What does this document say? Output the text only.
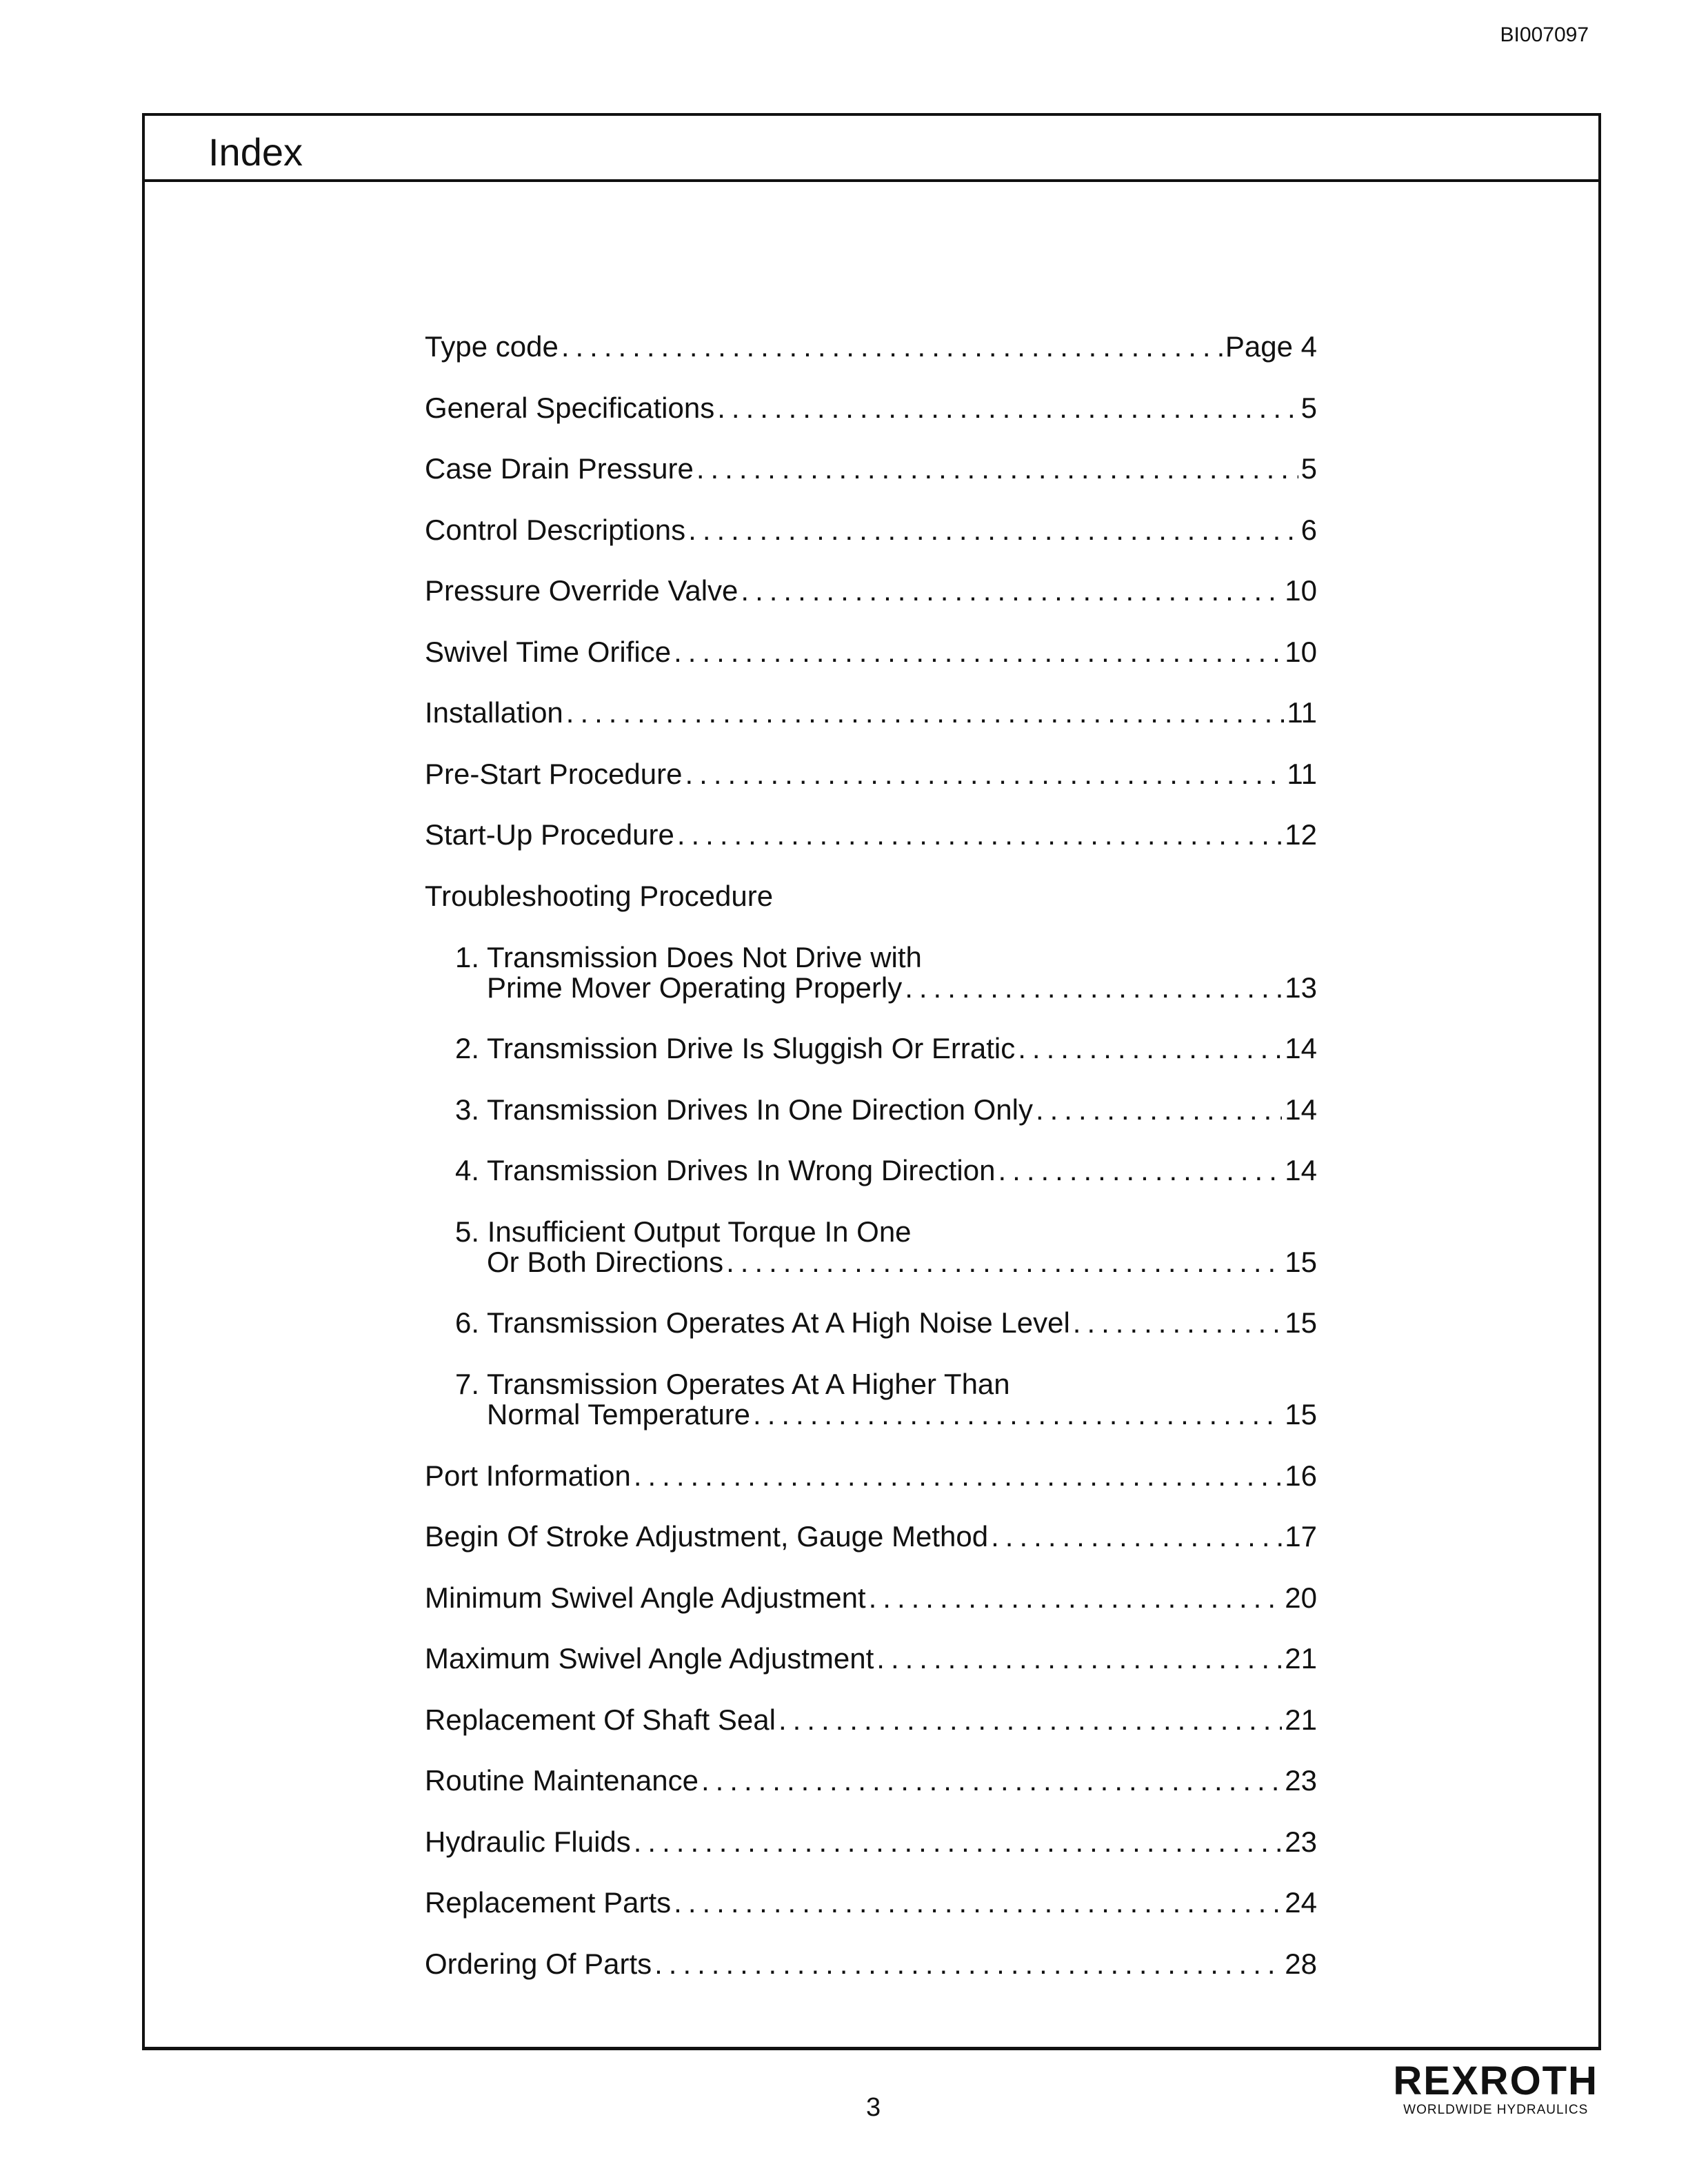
BI007097
Index
Type code .....	Page 4
General Specifications .....	5
Case Drain Pressure .....	5
Control Descriptions .....	6
Pressure Override Valve .....	10
Swivel Time Orifice .....	10
Installation .....	11
Pre-Start Procedure .....	11
Start-Up Procedure .....	12
Troubleshooting Procedure
1. Transmission Does Not Drive with
Prime Mover Operating Properly .....	13
2. Transmission Drive Is Sluggish Or Erratic .....	14
3. Transmission Drives In One Direction Only .....	14
4. Transmission Drives In Wrong Direction .....	14
5. Insufficient Output Torque In One
Or Both Directions .....	15
6. Transmission Operates At A High Noise Level .....	15
7. Transmission Operates At A Higher Than
Normal Temperature .....	15
Port Information .....	16
Begin Of Stroke Adjustment, Gauge Method .....	17
Minimum Swivel Angle Adjustment .....	20
Maximum Swivel Angle Adjustment .....	21
Replacement Of Shaft Seal .....	21
Routine Maintenance .....	23
Hydraulic Fluids .....	23
Replacement Parts .....	24
Ordering Of Parts .....	28
3
REXROTH
WORLDWIDE HYDRAULICS
